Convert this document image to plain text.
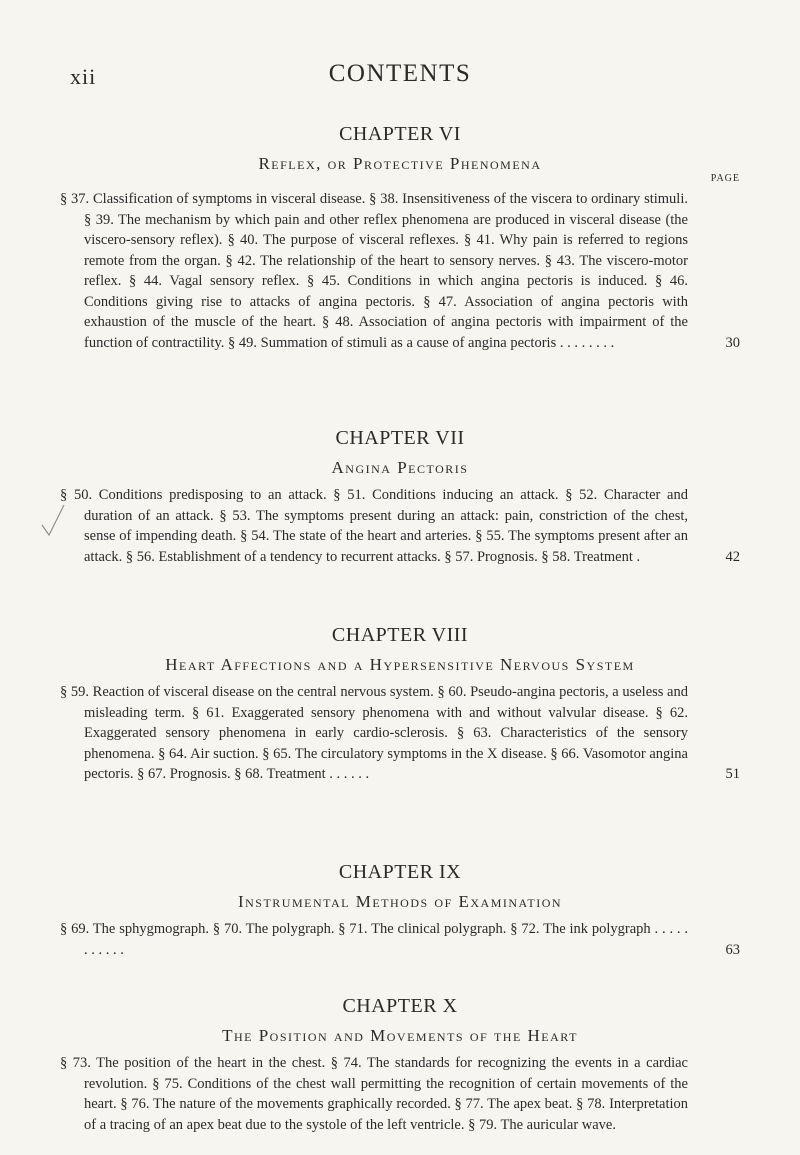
xii	CONTENTS
CHAPTER VI
Reflex, or Protective Phenomena
PAGE
§ 37. Classification of symptoms in visceral disease. § 38. Insensitiveness of the viscera to ordinary stimuli. § 39. The mechanism by which pain and other reflex phenomena are produced in visceral disease (the viscero-sensory reflex). § 40. The purpose of visceral reflexes. § 41. Why pain is referred to regions remote from the organ. § 42. The relationship of the heart to sensory nerves. § 43. The viscero-motor reflex. § 44. Vagal sensory reflex. § 45. Conditions in which angina pectoris is induced. § 46. Conditions giving rise to attacks of angina pectoris. § 47. Association of angina pectoris with exhaustion of the muscle of the heart. § 48. Association of angina pectoris with impairment of the function of contractility. § 49. Summation of stimuli as a cause of angina pectoris . . . . . . . .	30
CHAPTER VII
Angina Pectoris
§ 50. Conditions predisposing to an attack. § 51. Conditions inducing an attack. § 52. Character and duration of an attack. § 53. The symptoms present during an attack: pain, constriction of the chest, sense of impending death. § 54. The state of the heart and arteries. § 55. The symptoms present after an attack. § 56. Establishment of a tendency to recurrent attacks. § 57. Prognosis. § 58. Treatment .	42
CHAPTER VIII
Heart Affections and a Hypersensitive Nervous System
§ 59. Reaction of visceral disease on the central nervous system. § 60. Pseudo-angina pectoris, a useless and misleading term. § 61. Exaggerated sensory phenomena with and without valvular disease. § 62. Exaggerated sensory phenomena in early cardio-sclerosis. § 63. Characteristics of the sensory phenomena. § 64. Air suction. § 65. The circulatory symptoms in the X disease. § 66. Vasomotor angina pectoris. § 67. Prognosis. § 68. Treatment . . . . . .	51
CHAPTER IX
Instrumental Methods of Examination
§ 69. The sphygmograph. § 70. The polygraph. § 71. The clinical polygraph. § 72. The ink polygraph . . . . . . . . . . .	63
CHAPTER X
The Position and Movements of the Heart
§ 73. The position of the heart in the chest. § 74. The standards for recognizing the events in a cardiac revolution. § 75. Conditions of the chest wall permitting the recognition of certain movements of the heart. § 76. The nature of the movements graphically recorded. § 77. The apex beat. § 78. Interpretation of a tracing of an apex beat due to the systole of the left ventricle. § 79. The auricular wave.
